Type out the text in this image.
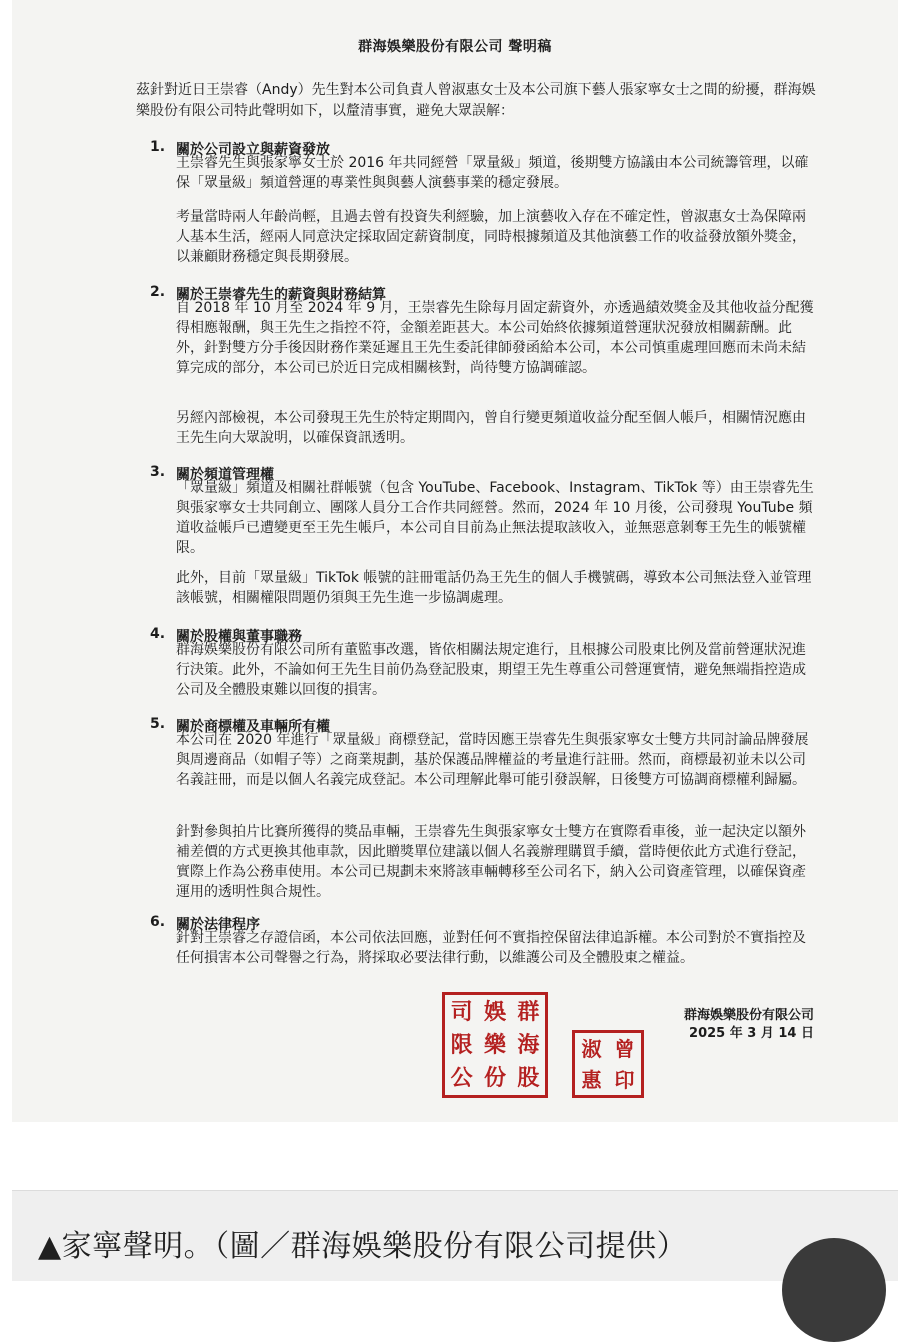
群海娛樂股份有限公司 聲明稿

茲針對近日王崇睿（Andy）先生對本公司負責人曾淑惠女士及本公司旗下藝人張家寧女士之間的紛擾，群海娛樂股份有限公司特此聲明如下，以釐清事實，避免大眾誤解：

1. 關於公司設立與薪資發放

王崇睿先生與張家寧女士於 2016 年共同經營「眾量級」頻道，後期雙方協議由本公司統籌管理，以確保「眾量級」頻道營運的專業性與與藝人演藝事業的穩定發展。

考量當時兩人年齡尚輕，且過去曾有投資失利經驗，加上演藝收入存在不確定性，曾淑惠女士為保障兩人基本生活，經兩人同意決定採取固定薪資制度，同時根據頻道及其他演藝工作的收益發放額外獎金，以兼顧財務穩定與長期發展。

2. 關於王崇睿先生的薪資與財務結算

自 2018 年 10 月至 2024 年 9 月，王崇睿先生除每月固定薪資外，亦透過績效獎金及其他收益分配獲得相應報酬，與王先生之指控不符，金額差距甚大。本公司始終依據頻道營運狀況發放相關薪酬。此外，針對雙方分手後因財務作業延遲且王先生委託律師發函給本公司，本公司慎重處理回應而未尚未結算完成的部分，本公司已於近日完成相關核對，尚待雙方協調確認。

另經內部檢視，本公司發現王先生於特定期間內，曾自行變更頻道收益分配至個人帳戶，相關情況應由王先生向大眾說明，以確保資訊透明。

3. 關於頻道管理權

「眾量級」頻道及相關社群帳號（包含 YouTube、Facebook、Instagram、TikTok 等）由王崇睿先生與張家寧女士共同創立、團隊人員分工合作共同經營。然而，2024 年 10 月後，公司發現 YouTube 頻道收益帳戶已遭變更至王先生帳戶，本公司自目前為止無法提取該收入，並無惡意剝奪王先生的帳號權限。

此外，目前「眾量級」TikTok 帳號的註冊電話仍為王先生的個人手機號碼，導致本公司無法登入並管理該帳號，相關權限問題仍須與王先生進一步協調處理。

4. 關於股權與董事職務

群海娛樂股份有限公司所有董監事改選，皆依相關法規定進行，且根據公司股東比例及當前營運狀況進行決策。此外，不論如何王先生目前仍為登記股東，期望王先生尊重公司營運實情，避免無端指控造成公司及全體股東難以回復的損害。

5. 關於商標權及車輛所有權

本公司在 2020 年進行「眾量級」商標登記，當時因應王崇睿先生與張家寧女士雙方共同討論品牌發展與周邊商品（如帽子等）之商業規劃，基於保護品牌權益的考量進行註冊。然而，商標最初並未以公司名義註冊，而是以個人名義完成登記。本公司理解此舉可能引發誤解，日後雙方可協調商標權利歸屬。

針對參與拍片比賽所獲得的獎品車輛，王崇睿先生與張家寧女士雙方在實際看車後，並一起決定以額外補差價的方式更換其他車款，因此贈獎單位建議以個人名義辦理購買手續，當時便依此方式進行登記，實際上作為公務車使用。本公司已規劃未來將該車輛轉移至公司名下，納入公司資產管理，以確保資產運用的透明性與合規性。

6. 關於法律程序

針對王崇睿之存證信函，本公司依法回應，並對任何不實指控保留法律追訴權。本公司對於不實指控及任何損害本公司聲譽之行為，將採取必要法律行動，以維護公司及全體股東之權益。

群海娛樂股份有限公司
2025 年 3 月 14 日
司 娛 群
限 樂 海
公 份 股
淑 曾
惠 印
▲家寧聲明。（圖／群海娛樂股份有限公司提供）
